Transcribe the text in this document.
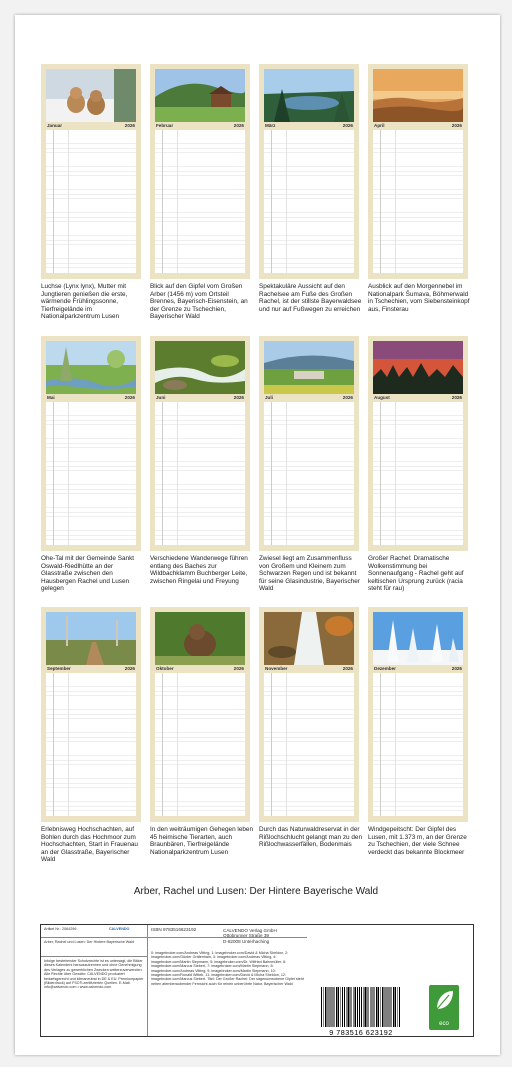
Januar	2026
Luchse (Lynx lynx), Mutter mit Jungtieren genießen die erste, wärmende Frühlingssonne, Tierfreigelände im Nationalparkzentrum Lusen
Februar	2026
Blick auf den Gipfel vom Großen Arber (1456 m) vom Ortsteil Brennes, Bayerisch-Eisenstein, an der Grenze zu Tschechien, Bayerischer Wald
März	2026
Spektakuläre Aussicht auf den Rachelsee am Fuße des Großen Rachel, ist der stillste Bayerwaldsee und nur auf Fußwegen zu erreichen
April	2026
Ausblick auf den Morgennebel im Nationalpark Šumava, Böhmerwald in Tschechien, vom Siebensteinkopf aus, Finsterau
Mai	2026
Ohe-Tal mit der Gemeinde Sankt Oswald-Riedlhütte an der Glasstraße zwischen den Hausbergen Rachel und Lusen gelegen
Juni	2026
Verschiedene Wanderwege führen entlang des Baches zur Wildbachklamm Buchberger Leite, zwischen Ringelai und Freyung
Juli	2026
Zwiesel liegt am Zusammenfluss von Großem und Kleinem zum Schwarzen Regen und ist bekannt für seine Glasindustrie, Bayerischer Wald
August	2026
Großer Rachel: Dramatische Wolkenstimmung bei Sonnenaufgang - Rachel geht auf keltischen Ursprung zurück (racia steht für rau)
September	2026
Erlebnisweg Hochschachten, auf Bohlen durch das Hochmoor zum Hochschachten, Start in Frauenau an der Glasstraße, Bayerischer Wald
Oktober	2026
In den weiträumigen Gehegen leben 45 heimische Tierarten, auch Braunbären, Tierfreigelände Nationalparkzentrum Lusen
November	2026
Durch das Naturwaldreservat in der Rißlochschlucht gelangt man zu den Rißlochwasserfällen, Bodenmais
Dezember	2026
Windgepeitscht: Der Gipfel des Lusen, mit 1.373 m, an der Grenze zu Tschechien, der viele Schnee verdeckt das bekannte Blockmeer
Arber, Rachel und Lusen: Der Hintere Bayerische Wald
Artikel Nr.: 2064296	CALVENDO
Arber, Rachel und Lusen: Der Hintere Bayerische Wald
Infolge bestehender Schutzrechte ist es untersagt, die Bilder dieses Kalenders herauszutrennen und ohne Genehmigung des Verlages zu gewerblichen Zwecken weiterzuverwenden. Alle Rechte über Gewähr: CALVENDO produziert bedarfsgerecht und klimaneutral in DE & EU. Premiumpapier (Bilderdruck) auf FSC®-zertifizierten Quellen. E-Mail: info@calvendo.com • www.calvendo.com
ISBN 9783516623192	CALVENDO Verlag GmbH
Ottobrunner Straße 39
D-82008 Unterhaching
0: imagebroker.com/Andreas Vitting, 1: imagebroker.com/David & Micha Sheldon, 2: imagebroker.com/Günter Gräfenhain, 3: imagebroker.com/Andreas Vitting, 4: imagebroker.com/Martin Siepmann, 5: imagebroker.com/Dr. Wilfried Bahnmüller, 6: imagebroker.com/Marcus Siebert, 7: imagebroker.com/Martin Siepmann, 8: imagebroker.com/Andreas Vitting, 9: imagebroker.com/Martin Siepmann, 10: imagebroker.com/Ronald Wittek, 11: imagebroker.com/David & Micha Sheldon, 12: imagebroker.com/Marcus Siebert. Titel: Der Großer Rachel: Der sagenumwobene Gipfel steht neben atemberaubender Fernsicht auch für reinen unberührte Natur, Bayerischer Wald
9 783516 623192
eco
